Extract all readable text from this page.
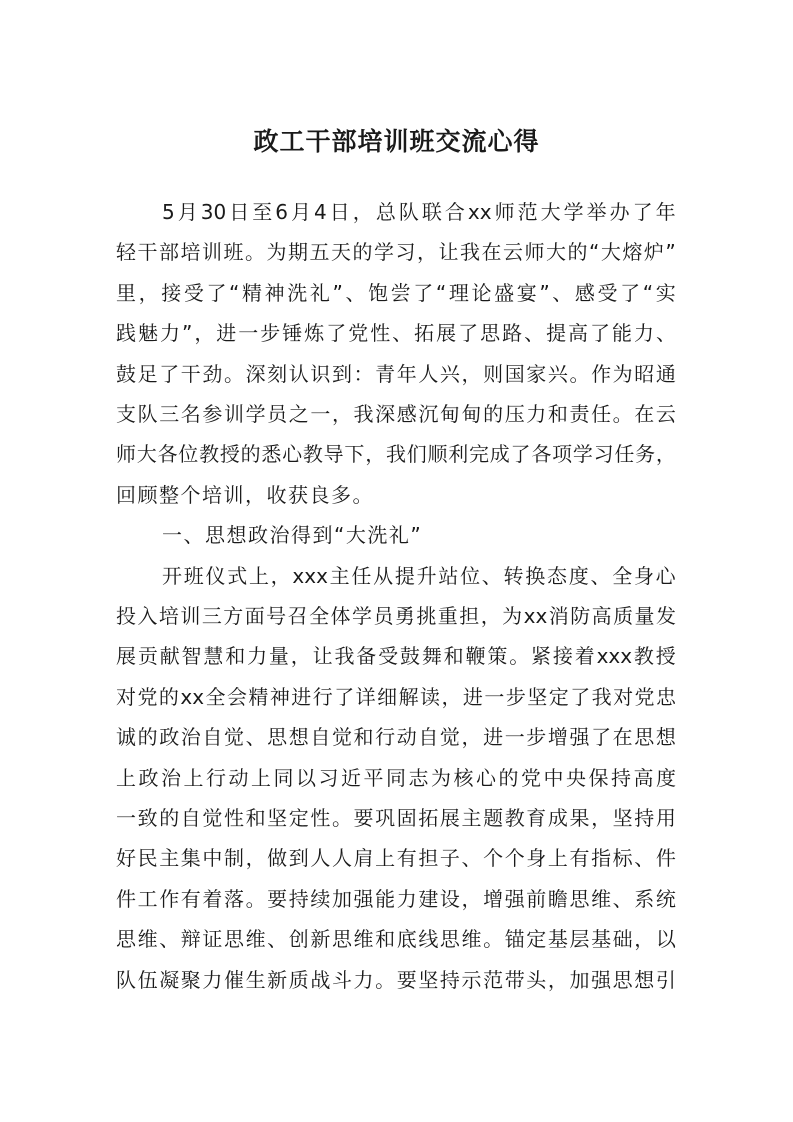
政工干部培训班交流心得
5 月 30 日 至 6 月 4 日 ， 总 队 联 合 xx 师 范 大 学 举 办 了 年
轻 干 部 培 训 班 。 为 期 五 天 的 学 习 ， 让 我 在 云 师 大 的 “ 大 熔 炉 ”
里 ， 接 受 了 “ 精 神 洗 礼 ” 、 饱 尝 了 “ 理 论 盛 宴 ” 、 感 受 了 “ 实
践 魅 力 ” ， 进 一 步 锤 炼 了 党 性 、 拓 展 了 思 路 、 提 高 了 能 力 、
鼓 足 了 干 劲 。 深 刻 认 识 到 ： 青 年 人 兴 ， 则 国 家 兴 。 作 为 昭 通
支 队 三 名 参 训 学 员 之 一 ， 我 深 感 沉 甸 甸 的 压 力 和 责 任 。 在 云
师 大 各 位 教 授 的 悉 心 教 导 下 ， 我 们 顺 利 完 成 了 各 项 学 习 任 务 ，
回 顾 整 个 培 训 ， 收 获 良 多 。
一 、 思 想 政 治 得 到 “ 大 洗 礼 ”
开 班 仪 式 上 ， xxx 主 任 从 提 升 站 位 、 转 换 态 度 、 全 身 心
投 入 培 训 三 方 面 号 召 全 体 学 员 勇 挑 重 担 ， 为 xx 消 防 高 质 量 发
展 贡 献 智 慧 和 力 量 ， 让 我 备 受 鼓 舞 和 鞭 策 。 紧 接 着 xxx 教 授
对 党 的 xx 全 会 精 神 进 行 了 详 细 解 读 ， 进 一 步 坚 定 了 我 对 党 忠
诚 的 政 治 自 觉 、 思 想 自 觉 和 行 动 自 觉 ， 进 一 步 增 强 了 在 思 想
上 政 治 上 行 动 上 同 以 习 近 平 同 志 为 核 心 的 党 中 央 保 持 高 度
一 致 的 自 觉 性 和 坚 定 性 。 要 巩 固 拓 展 主 题 教 育 成 果 ， 坚 持 用
好 民 主 集 中 制 ， 做 到 人 人 肩 上 有 担 子 、 个 个 身 上 有 指 标 、 件
件 工 作 有 着 落 。 要 持 续 加 强 能 力 建 设 ， 增 强 前 瞻 思 维 、 系 统
思 维 、 辩 证 思 维 、 创 新 思 维 和 底 线 思 维 。 锚 定 基 层 基 础 ， 以
队 伍 凝 聚 力 催 生 新 质 战 斗 力 。 要 坚 持 示 范 带 头 ， 加 强 思 想 引
